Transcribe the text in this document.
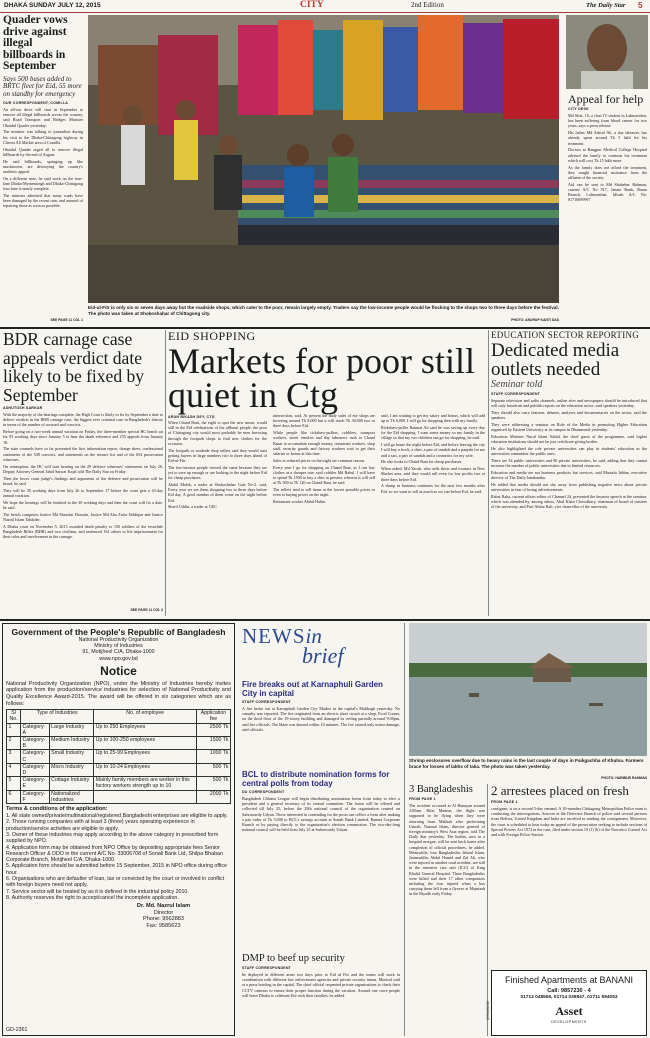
DHAKA SUNDAY JULY 12, 2015	CITY	2nd Edition	The Daily Star 5
Quader vows drive against illegal billboards in September
Says 500 buses added to BRTC fleet for Eid, 55 more on standby for emergency
OUR CORRESPONDENT, COMILLA

An all-out drive will start in September to remove all illegal billboards across the country, said Road Transport and Bridges Minister Obaidul Quader yesterday.

The minister was talking to journalists during his visit to the Dhaka-Chittagong highway in Cheora Ali Market area of Comilla.

Obaidul Quader urged all to remove illegal billboards by the end of August.

He said billboards, springing up like mushrooms, are destroying the country's aesthetic appeal.

On a different note, he said work on the four-lane Dhaka-Mymensingh and Dhaka-Chittagong four lane is nearly complete.

The minister admitted that many roads have been damaged by the recent rain, and assured of repairing those as soon as possible.

SEE PAGE 11 COL 1
Eid-ul-Fitr is only six or seven days away but the roadside shops, which cater to the poor, remain largely empty. Traders say the low-income people would be flocking to the shops two to three days before the festival. The photo was taken at Shokoshahar of Chittagong city.
PHOTO: ANURUP KANTI DAS
Appeal for help
CITY DESK

Md Sifat, 10, a class IV student in Lalmonirhat, has been suffering from blood cancer for two years, says a press release.

His father Md Ashraf Ali, a day labourer, has already spent around Tk 5 lakh for his treatment.

Doctors at Rangpur Medical College Hospital advised the family to continue his treatment which will cost Tk 15 lakh more.

As the family does not afford the treatment, they sought financial assistance from the affluent of the society.

Aid can be sent to Md Shahebar Rahman, current A/C No 917, Janata Bank, Baura Branch, Lalmonirhat. bKash A/C No: 01716699997

BDR carnage case appeals verdict date likely to be fixed by September
ASHUTOSH SARKAR

With the majority of the hearings complete, the High Court is likely to fix by September a date to deliver verdicts in the BDR carnage case, the biggest ever criminal case in Bangladesh's history in terms of the number of accused and convicts.

Before going on a two-week annual vacation on Friday, the three-member special HC bench sat for 93 working days since January 5 to hear the death reference and 255 appeals from January 18.

The state counsels have so far presented the first information report, charge sheet, confessional statements of the 538 convicts, and statements on the seizure list and of the 654 prosecution witnesses.

On resumption, the HC will start hearing on the 29 defence witnesses' statements on July 26, Deputy Attorney General Jahid Sarwar Kajal told The Daily Star on Friday.

Then the lower court judge's findings and arguments of the defence and prosecution will be heard, he said.

They will be 30 working days from July 26 to September 17 before the court gets a 43-day annual vacation.

We hope the hearings will be finished in the 30 working days and then the court will fix a date, he said.

The bench comprises Justice Md Shawkat Hossain, Justice Md Abu Zafor Siddique and Justice Nazrul Islam Talukder.

A Dhaka court on November 5, 2013 awarded death penalty to 150 soldiers of the erstwhile Bangladesh Rifles (BDR) and two civilians, and sentenced 161 others to life imprisonment for their roles and involvement in the carnage.

SEE PAGE 11 COL 2
EID SHOPPING
Markets for poor still quiet in Ctg
ARUN BIKASH DEY, CTG

When Chand Bani, the eight to spot the new moon, would still in the Eid celebrations of the affluent people, the poor of Chittagong city would most probably be seen browsing through the footpath shops to find new clothes for the occasion.

The footpath or roadside shop sellers said they would start getting buyers in large numbers two to three days ahead of Eid-ul-Fitr.

The low-income people viewed the same because they are yet to save up enough or are looking to the night before Eid for cheap purchases.

Abdul Malek, a trader at Shokoshahar Gate No-2, said, Every year we see them shopping two to three days before Eid day. A good number of them come on the night before Eid.

Sharif Uddin, a trader at GEC

intersection, said, At present the daily sales of my shops are hovering around Tk 8,000 but it will reach Tk 30,000 two or three days before Eid.

While people like rickshaw-pullers, cobblers, transport workers, street vendors and day labourers rush to Chand Bazar to accumulate enough money, restaurant workers, shop staff, security guards and factory workers wait to get their salaries or bonus at this time.

Sales at reduced prices on the night are common reason.

Every year I go for shopping on Chand Raat, as I can buy clothes at a cheaper rate, said cobbler Md Babul. I will have to spend Tk 1500 to buy a shirt at present, whereas it will sell at Tk 500 to Tk 120 on Chand Raat, he said.

The sellers tend to sell items at the lowest possible prices or even at buying prices on the night.

Restaurant worker Abdul Halim

said, I am waiting to get my salary and bonus, which will add up to Tk 6,000. I will go for shopping then with my family.

Rickshaw-puller Rahmat Ali said he was saving up every day for the Eid shopping. I want some money so my family in the village so that my two children can go for shopping, he said.

I will go home the night before Eid, and before leaving the city I will buy a frock, a shirt, a pair of sandals and a panjabi for me and a sari, a pair of sandals and a cosmetics for my wife.

He also looks to Chand Raat for cheap purchases.

When asked, Md Yacub, who sells shirts and trousers in New Market area, said they would sell even for low profits two to three days before Eid.

A slump in business continues for the next few months after Eid, so we want to sell as much as we can before Eid, he said.

EDUCATION SECTOR REPORTING
Dedicated media outlets needed
Seminar told
STAFF CORRESPONDENT

Separate television and radio channels, online sites and newspapers should be introduced that will only broadcast and publish reports on the education sector, said speakers yesterday.

They should also carry features, debates, analyses and documentaries on the sector, said the speakers.

They were addressing a seminar on Role of the Media in promoting Higher Education organised by Eastern University at its campus in Dhanmondi yesterday.

Education Minister Nurul Islam Nahid, the chief guest of the programme, said higher education institutions should not be just certificate-giving bodies.

He also highlighted the role private universities can play in students' education as the universities outnumber the public ones.

There are 34 public universities and 80 private universities, he said, adding that they cannot increase the number of public universities due to limited resources.

Education and media are not business products but services, said Mustafa Jabbar, executive director of The Daily Janakantha.

He added that media should not shy away from publishing negative news about private universities in fear of losing advertisements.

Rahat Raha, current affairs editor of Channel 24, presented the keynote speech at the seminar, which was attended by, among others, Abul Khair Chowdhury, chairman of board of trustees of the university, and Prof Abdur Rab, vice chancellor of the university.

Government of the People's Republic of Bangladesh
National Productivity Organization
Ministry of Industries
91, Motijheel C/A, Dhaka-1000
www.npo.gov.bd
Notice
National Productivity Organization (NPO), under the Ministry of Industries hereby invites application from the production/service industries for selection of National Productivity and Quality Excellence Award-2015. The award will be offered in six categories which are as follows:
Sl No.	Type of Industries		No. of employee	Application fee
1	Category-A	Large Industry	Up to 250 Employees	2500 Tk
2	Category-B	Medium Industry	Up to 100-250 employees	1500 Tk
3	Category-C	Small Industry	Up to 25-99 Employees	1000 Tk
4	Category-D	Micro Industry	Up to 10-24 Employees	500 Tk
5	Category-E	Cottage Industry	Mainly family members are worker in this factory workers strength up to 10	500 Tk
6	Category-F	Nationalized Industries		2000 Tk
Terms & conditions of the application:
1. All state owned/private/multinational/registered Bangladeshi enterprises are eligible to apply.
2. Those running companies with at least 3 (three) years operating experience in production/service activities are eligible to apply.
3. Owner of these industries may apply according to the above category in prescribed form supplied by NPO.
4. Application form may be obtained from NPO Office by depositing appropriate fees Senior Research Officer & DDO in the current A/C No. 33006708 of Sonali Bank Ltd, Shilpa Bhaban Corporate Branch, Motijheel C/A, Dhaka-1000.
5. Application form should be submitted before 15 September, 2015 in NPO office during office hour.
6. Organisations who are defaulter of loan, tax or convicted by the court or involved in conflict with foreign buyers need not apply.
7. Service sector will be treated by as it is defined in the industrial policy 2010.
8. Authority reserves the right to accept/cancel the incomplete application.
Dr. Md. Nazrul Islam
Director
Phone: 9562883
Fax: 9585623
GD-2361
NEWSin
brief
Fire breaks out at Karnaphuli Garden City in capital
STAFF CORRESPONDENT
A fire broke out at Karnaphuli Garden City Market in the capital's Malibagh yesterday. No casualty was reported. The fire originated from an electric short circuit at a shop, Food Corner, on the third floor of the 19-storey building and damaged its ceiling partially around 9:00pm, said fire officials. The blaze was doused within 10 minutes. The fire caused only minor damage, said officials.
BCL to distribute nomination forms for central polls from today
DU CORRESPONDENT
Bangladesh Chhatra League will begin distributing nomination forms from today to elect a president and a general secretary of its central committee. The forms will be offered and collected till July 25, before the 28th national council of the organisation centred on Suhrawardy Udyan. Those interested in contending for the posts can collect a form after making a pay order of Tk 5,000 to BCL's savings account at Sonali Bank Limited, Ramna Corporate Branch or by paying directly to the organisation's election commission. The two-day-long national council will be held from July 25 at Suhrawardy Udyan.
DMP to beef up security
STAFF CORRESPONDENT
be deployed in different areas two days prior to Eid ul Fitr and the teams will work in coordination with different law enforcement agencies and private security teams, Monirul said at a press briefing in the capital. The chief official requested private organisations to check their CCTV cameras to ensure their proper function during the vacation. Around one crore people will leave Dhaka to celebrate Eid with their families, he added.
Shrimp enclosures overflow due to heavy rains in the last couple of days in Paikgachha of Khulna. Farmers brace for losses of lakhs of taka. The photo was taken yesterday.
PHOTO: HABIBUR RAHMAN
3 Bangladeshis
FROM PAGE 1
The accident occurred at Al Hunayan around 3:00am. Rifat Mamun, the flight was supposed to be flying when they were returning from Makkah after performing Umrah, Nazmul Islam, director general of foreign ministry's West Asia region, told The Daily Star yesterday. The bodies, now in a hospital morgue, will be sent back home after completion of official procedures, he added. Meanwhile, four Bangladeshis Jahirul Islam, Jasimuddin, Abdul Hamid and Zaf Ali, who were injured in another road accident, are still in the intensive care unit (ICU) of King Khalid General Hospital. Three Bangladeshis were killed and their 17 other compatriots including the four injured when a bus carrying them fell from a flyover at Majmaah in the Riyadh early Friday.
2 arrestees placed on fresh
FROM PAGE 1
consignee, is on a second 5-day remand. A 10-member Chittagong Metropolitan Police team is conducting the interrogations. Sources at the Detective Branch of police said several persons from Bolivia, United Kingdom and India are involved in sending the consignment. Moreover, the court is scheduled to hear today an appeal of the prosecution seeking to include sections of Special Powers Act 1974 in the case, filed under section 19 (1) (b) of the Narcotics Control Act and with Foreign Police Station.
Finished Apartments at BANANI
Call: 9857230 - 4
01713 048556, 01714 039847, 01711 594053
Asset
DEVELOPMENTS
AXIS/ASD/15
